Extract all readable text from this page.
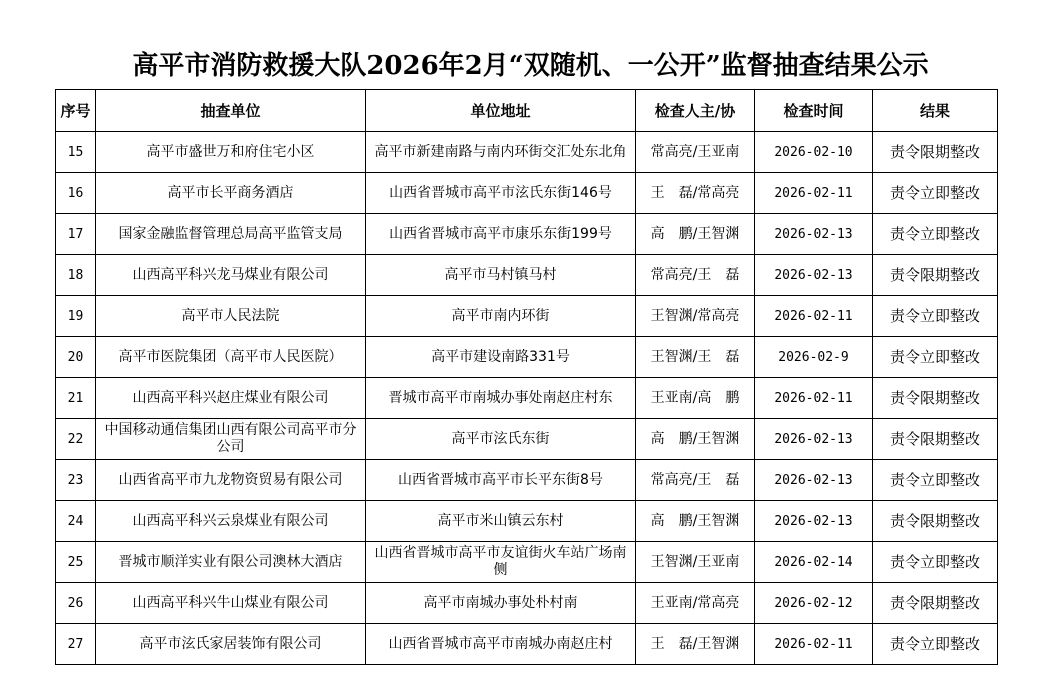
高平市消防救援大队2026年2月“双随机、一公开”监督抽查结果公示
序号	抽查单位	单位地址	检查人主/协	检查时间	结果
15	高平市盛世万和府住宅小区	高平市新建南路与南内环街交汇处东北角	常高亮/王亚南	2026-02-10	责令限期整改
16	高平市长平商务酒店	山西省晋城市高平市泫氏东街146号	王　磊/常高亮	2026-02-11	责令立即整改
17	国家金融监督管理总局高平监管支局	山西省晋城市高平市康乐东街199号	高　鹏/王智渊	2026-02-13	责令立即整改
18	山西高平科兴龙马煤业有限公司	高平市马村镇马村	常高亮/王　磊	2026-02-13	责令限期整改
19	高平市人民法院	高平市南内环街	王智渊/常高亮	2026-02-11	责令立即整改
20	高平市医院集团（高平市人民医院）	高平市建设南路331号	王智渊/王　磊	2026-02-9	责令立即整改
21	山西高平科兴赵庄煤业有限公司	晋城市高平市南城办事处南赵庄村东	王亚南/高　鹏	2026-02-11	责令限期整改
22	中国移动通信集团山西有限公司高平市分公司	高平市泫氏东街	高　鹏/王智渊	2026-02-13	责令限期整改
23	山西省高平市九龙物资贸易有限公司	山西省晋城市高平市长平东街8号	常高亮/王　磊	2026-02-13	责令立即整改
24	山西高平科兴云泉煤业有限公司	高平市米山镇云东村	高　鹏/王智渊	2026-02-13	责令限期整改
25	晋城市顺洋实业有限公司澳林大酒店	山西省晋城市高平市友谊街火车站广场南侧	王智渊/王亚南	2026-02-14	责令立即整改
26	山西高平科兴牛山煤业有限公司	高平市南城办事处朴村南	王亚南/常高亮	2026-02-12	责令限期整改
27	高平市泫氏家居装饰有限公司	山西省晋城市高平市南城办南赵庄村	王　磊/王智渊	2026-02-11	责令立即整改
